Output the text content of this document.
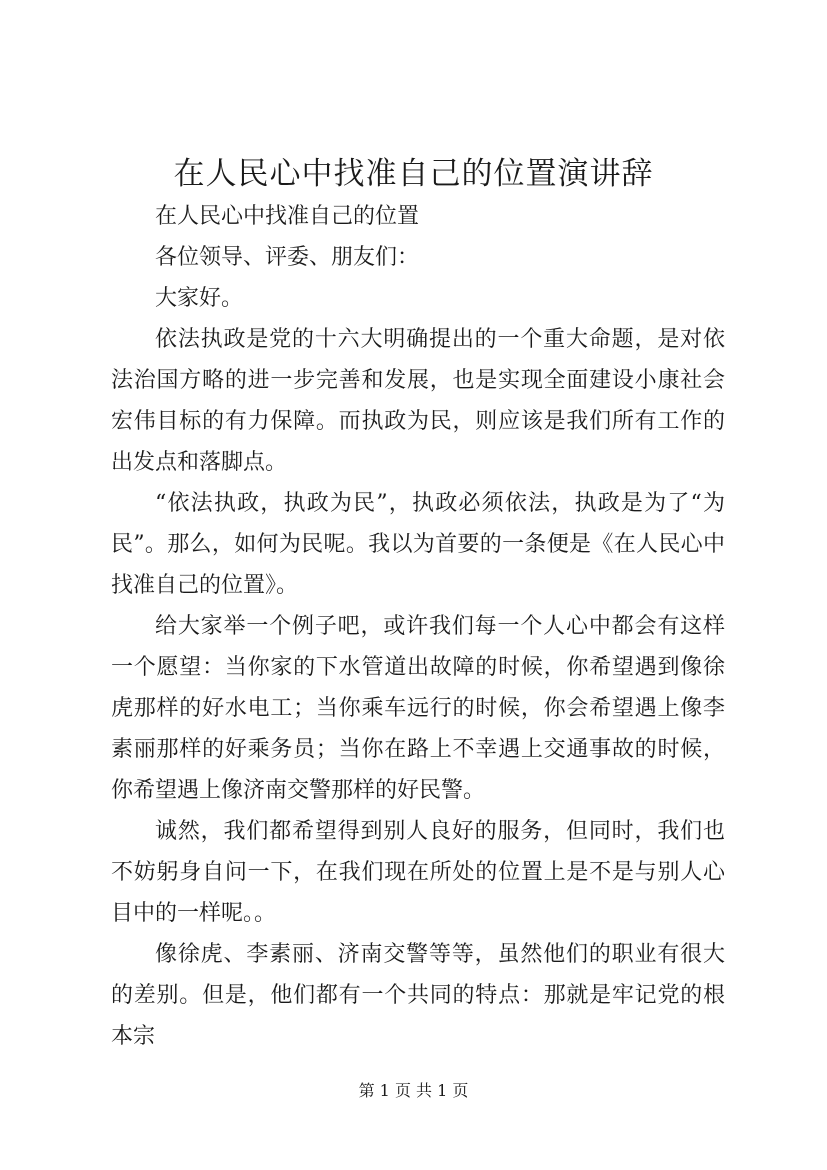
在人民心中找准自己的位置演讲辞

在人民心中找准自己的位置

各位领导、评委、朋友们：

大家好。

依法执政是党的十六大明确提出的一个重大命题，是对依法治国方略的进一步完善和发展，也是实现全面建设小康社会宏伟目标的有力保障。而执政为民，则应该是我们所有工作的出发点和落脚点。

“依法执政，执政为民”，执政必须依法，执政是为了“为民”。那么，如何为民呢。我以为首要的一条便是《在人民心中找准自己的位置》。

给大家举一个例子吧，或许我们每一个人心中都会有这样一个愿望：当你家的下水管道出故障的时候，你希望遇到像徐虎那样的好水电工；当你乘车远行的时候，你会希望遇上像李素丽那样的好乘务员；当你在路上不幸遇上交通事故的时候，你希望遇上像济南交警那样的好民警。

诚然，我们都希望得到别人良好的服务，但同时，我们也不妨躬身自问一下，在我们现在所处的位置上是不是与别人心目中的一样呢。。

像徐虎、李素丽、济南交警等等，虽然他们的职业有很大的差别。但是，他们都有一个共同的特点：那就是牢记党的根本宗

第 1 页 共 1 页
